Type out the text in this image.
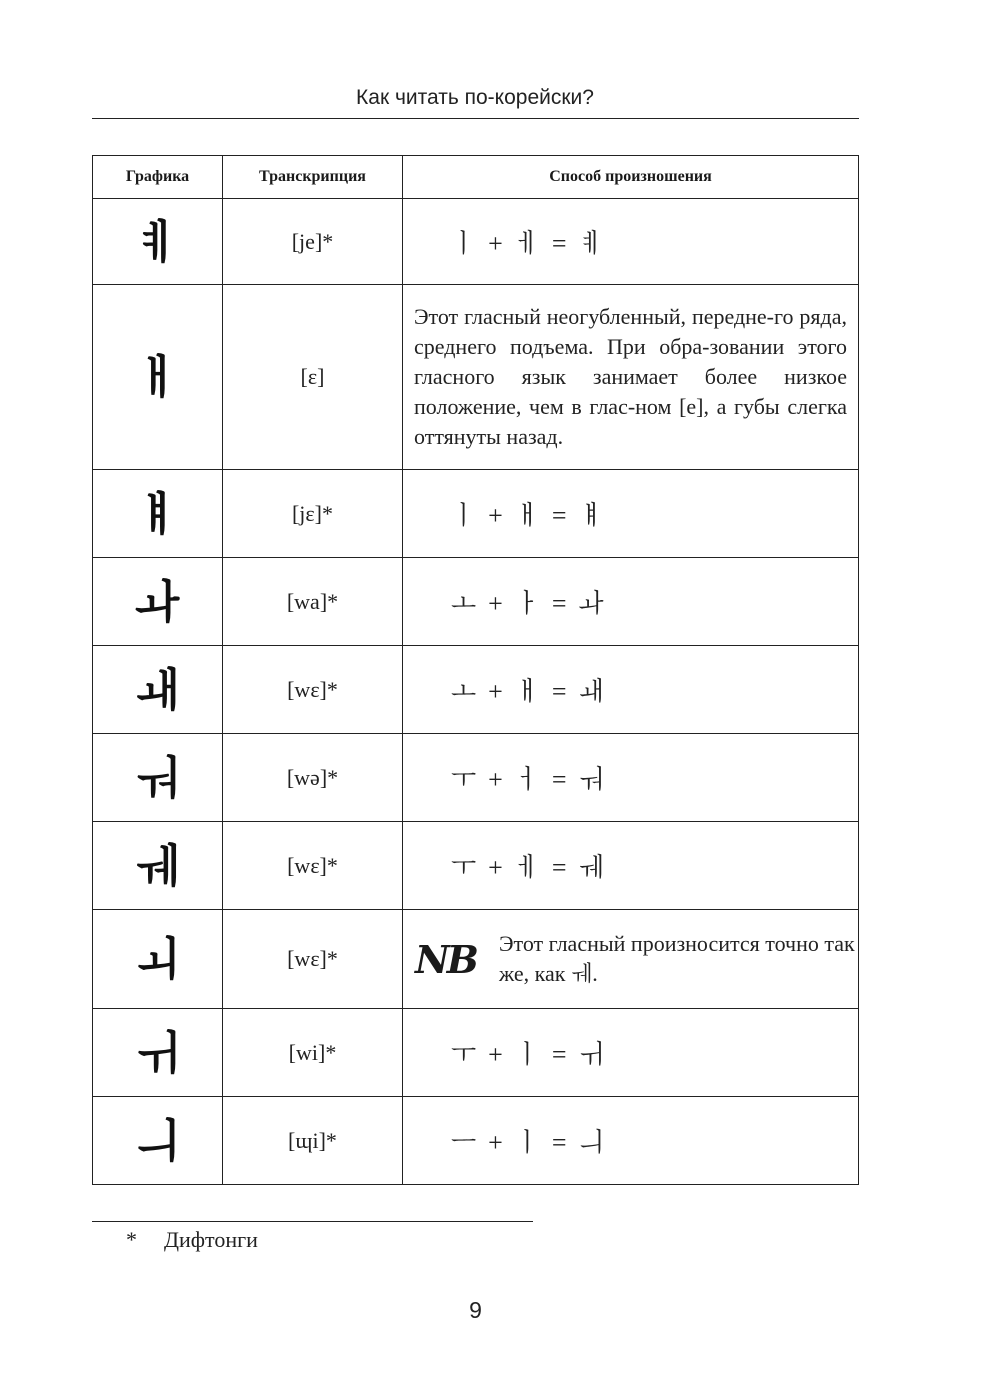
Как читать по-корейски?
Графика	Транскрипция	Способ произношения
ㅖ	[je]*	ㅣ + ㅔ = ㅖ
ㅐ	[ɛ]	Этот гласный неогубленный, передне-го ряда, среднего подъема. При обра-зовании этого гласного язык занимает более низкое положение, чем в глас-ном [e], а губы слегка оттянуты назад.
ㅒ	[jɛ]*	ㅣ + ㅐ = ㅒ
ㅘ	[wa]*	ㅗ + ㅏ = ㅘ
ㅙ	[wɛ]*	ㅗ + ㅐ = ㅙ
ㅝ	[wə]*	ㅜ + ㅓ = ㅝ
ㅞ	[wɛ]*	ㅜ + ㅔ = ㅞ
ㅚ	[wɛ]*	NB Этот гласный произносится точно так же, как ㅞ.

ㅟ	[wi]*	ㅜ + ㅣ = ㅟ
ㅢ	[ɰi]*	ㅡ + ㅣ = ㅢ
* Дифтонги
9
